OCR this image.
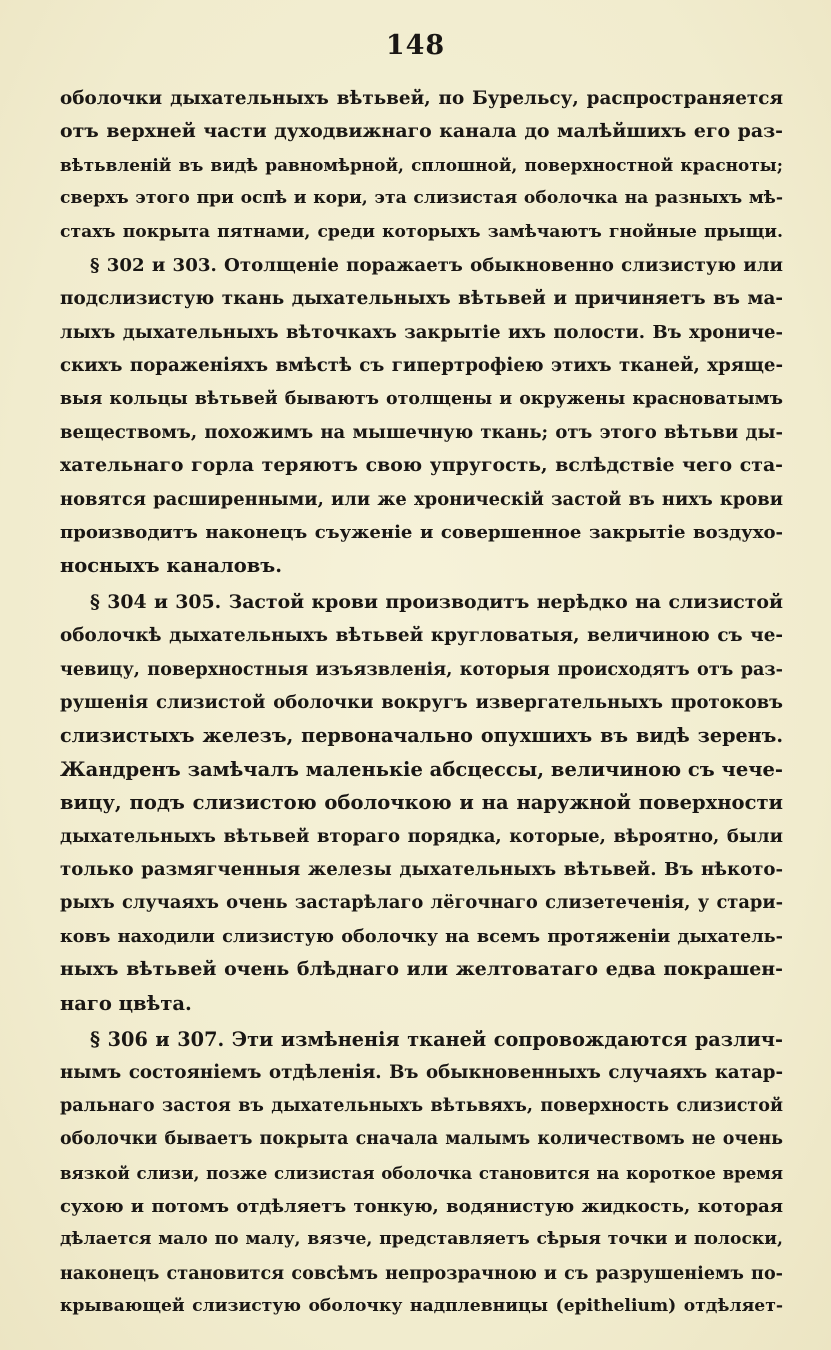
148
оболочки дыхательныхъ вѣтьвей, по Бурельсу, распространяется
отъ верхней части духодвижнаго канала до малѣйшихъ его раз-
вѣтьвленій въ видѣ равномѣрной, сплошной, поверхностной красноты;
сверхъ этого при оспѣ и кори, эта слизистая оболочка на разныхъ мѣ-
стахъ покрыта пятнами, среди которыхъ замѣчаютъ гнойные прыщи.
§ 302 и 303. Отолщеніе поражаетъ обыкновенно слизистую или
подслизистую ткань дыхательныхъ вѣтьвей и причиняетъ въ ма-
лыхъ дыхательныхъ вѣточкахъ закрытіе ихъ полости. Въ хрониче-
скихъ пораженіяхъ вмѣстѣ съ гипертрофіею этихъ тканей, хряще-
выя кольцы вѣтьвей бываютъ отолщены и окружены красноватымъ
веществомъ, похожимъ на мышечную ткань; отъ этого вѣтьви ды-
хательнаго горла теряютъ свою упругость, вслѣдствіе чего ста-
новятся расширенными, или же хроническій застой въ нихъ крови
производитъ наконецъ съуженіе и совершенное закрытіе воздухо-
носныхъ каналовъ.
§ 304 и 305. Застой крови производитъ нерѣдко на слизистой
оболочкѣ дыхательныхъ вѣтьвей кругловатыя, величиною съ че-
чевицу, поверхностныя изъязвленія, которыя происходятъ отъ раз-
рушенія слизистой оболочки вокругъ извергательныхъ протоковъ
слизистыхъ железъ, первоначально опухшихъ въ видѣ зеренъ.
Жандренъ замѣчалъ маленькіе абсцессы, величиною съ чече-
вицу, подъ слизистою оболочкою и на наружной поверхности
дыхательныхъ вѣтьвей втораго порядка, которые, вѣроятно, были
только размягченныя железы дыхательныхъ вѣтьвей. Въ нѣкото-
рыхъ случаяхъ очень застарѣлаго лёгочнаго слизетеченія, у стари-
ковъ находили слизистую оболочку на всемъ протяженіи дыхатель-
ныхъ вѣтьвей очень блѣднаго или желтоватаго едва покрашен-
наго цвѣта.
§ 306 и 307. Эти измѣненія тканей сопровождаются различ-
нымъ состояніемъ отдѣленія. Въ обыкновенныхъ случаяхъ катар-
ральнаго застоя въ дыхательныхъ вѣтьвяхъ, поверхность слизистой
оболочки бываетъ покрыта сначала малымъ количествомъ не очень
вязкой слизи, позже слизистая оболочка становится на короткое время
сухою и потомъ отдѣляетъ тонкую, водянистую жидкость, которая
дѣлается мало по малу, вязче, представляетъ сѣрыя точки и полоски,
наконецъ становится совсѣмъ непрозрачною и съ разрушеніемъ по-
крывающей слизистую оболочку надплевницы (epithelium) отдѣляет-
